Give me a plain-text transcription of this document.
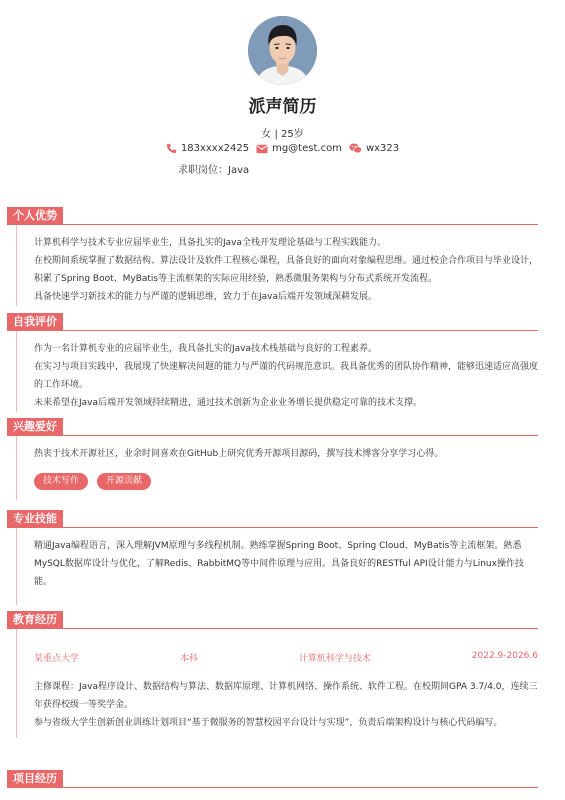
派声简历
女 | 25岁
183xxxx2425 mg@test.com wx323
求职岗位：Java
个人优势

计算机科学与技术专业应届毕业生，具备扎实的Java全栈开发理论基础与工程实践能力。

在校期间系统掌握了数据结构、算法设计及软件工程核心课程，具备良好的面向对象编程思维。通过校企合作项目与毕业设计，积累了Spring Boot、MyBatis等主流框架的实际应用经验，熟悉微服务架构与分布式系统开发流程。

具备快速学习新技术的能力与严谨的逻辑思维，致力于在Java后端开发领域深耕发展。

自我评价

作为一名计算机专业的应届毕业生，我具备扎实的Java技术栈基础与良好的工程素养。

在实习与项目实践中，我展现了快速解决问题的能力与严谨的代码规范意识。我具备优秀的团队协作精神，能够迅速适应高强度的工作环境。

未来希望在Java后端开发领域持续精进，通过技术创新为企业业务增长提供稳定可靠的技术支撑。

兴趣爱好

热衷于技术开源社区，业余时间喜欢在GitHub上研究优秀开源项目源码，撰写技术博客分享学习心得。

技术写作	开源贡献
专业技能

精通Java编程语言，深入理解JVM原理与多线程机制。熟练掌握Spring Boot、Spring Cloud、MyBatis等主流框架。熟悉MySQL数据库设计与优化，了解Redis、RabbitMQ等中间件原理与应用。具备良好的RESTful API设计能力与Linux操作技能。

教育经历
某重点大学	本科	计算机科学与技术	2022.9-2026.6

主修课程：Java程序设计、数据结构与算法、数据库原理、计算机网络、操作系统、软件工程。在校期间GPA 3.7/4.0，连续三年获得校级一等奖学金。

参与省级大学生创新创业训练计划项目“基于微服务的智慧校园平台设计与实现”，负责后端架构设计与核心代码编写。

项目经历
